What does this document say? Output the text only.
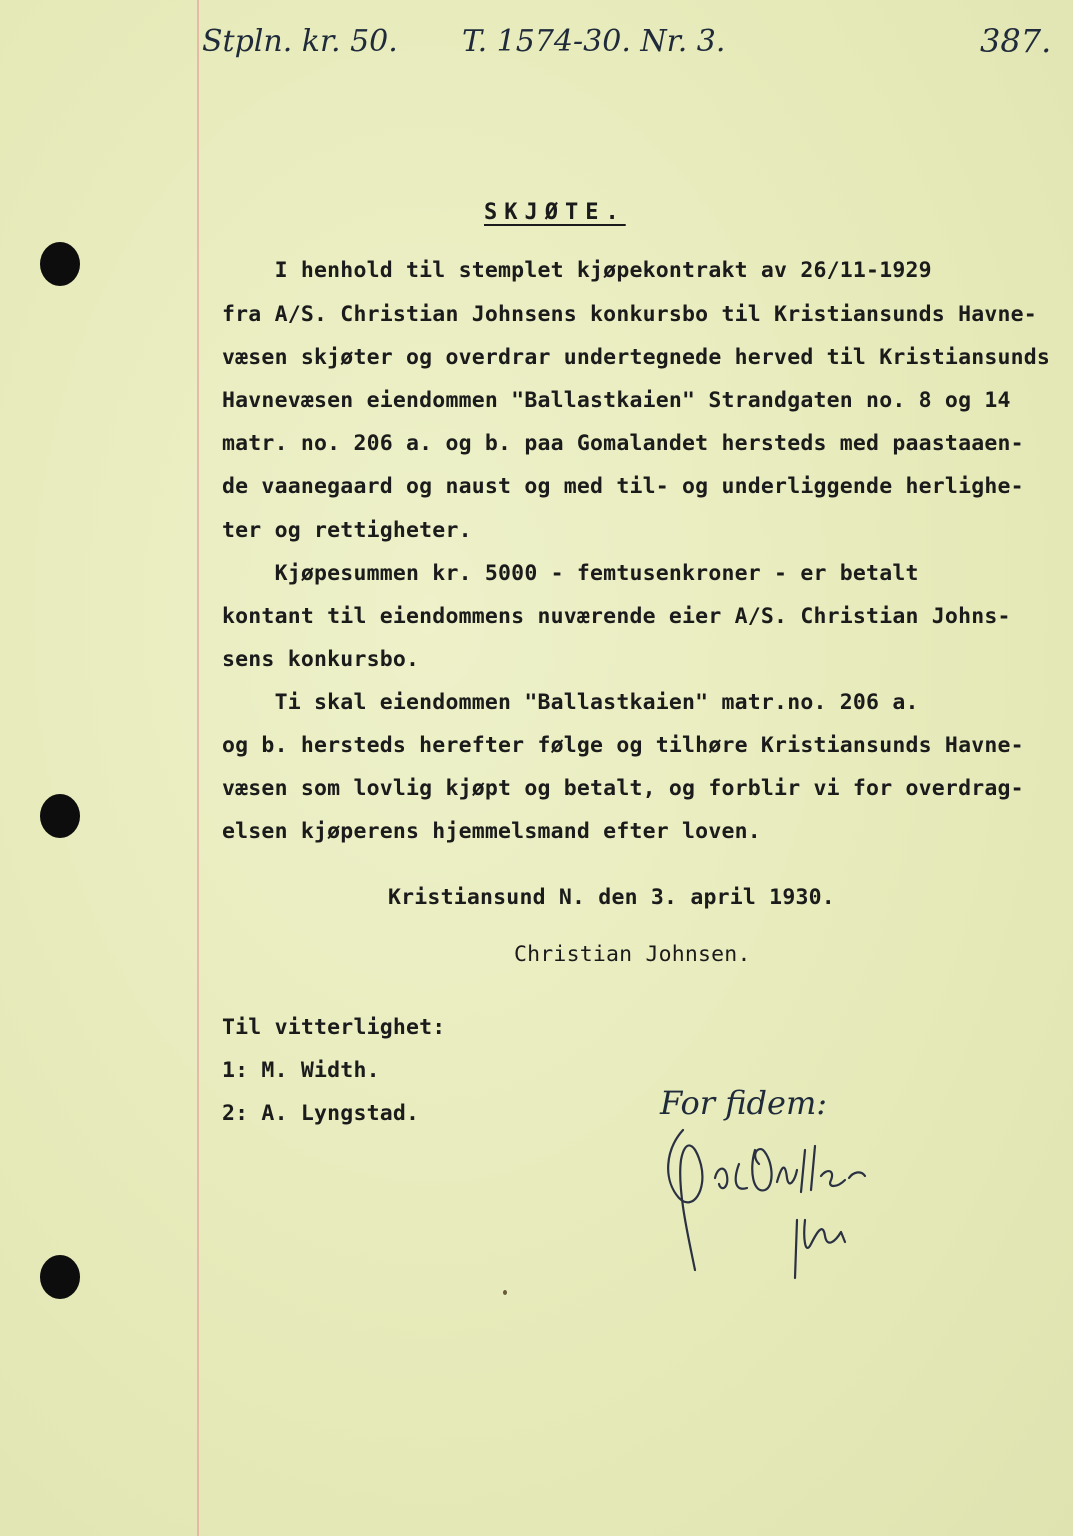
Stpln. kr. 50. T. 1574-30. Nr. 3.	387.
SKJØTE.
I henhold til stemplet kjøpekontrakt av 26/11-1929
fra A/S. Christian Johnsens konkursbo til Kristiansunds Havne-
væsen skjøter og overdrar undertegnede herved til Kristiansunds
Havnevæsen eiendommen "Ballastkaien" Strandgaten no. 8 og 14
matr. no. 206 a. og b. paa Gomalandet hersteds med paastaaen-
de vaanegaard og naust og med til- og underliggende herlighe-
ter og rettigheter.
Kjøpesummen kr. 5000 - femtusenkroner - er betalt
kontant til eiendommens nuværende eier A/S. Christian Johns-
sens konkursbo.
Ti skal eiendommen "Ballastkaien" matr.no. 206 a.
og b. hersteds herefter følge og tilhøre Kristiansunds Havne-
væsen som lovlig kjøpt og betalt, og forblir vi for overdrag-
elsen kjøperens hjemmelsmand efter loven.
Kristiansund N. den 3. april 1930.
Christian Johnsen.
Til vitterlighet:
1: M. Width.
2: A. Lyngstad.	For fidem:
